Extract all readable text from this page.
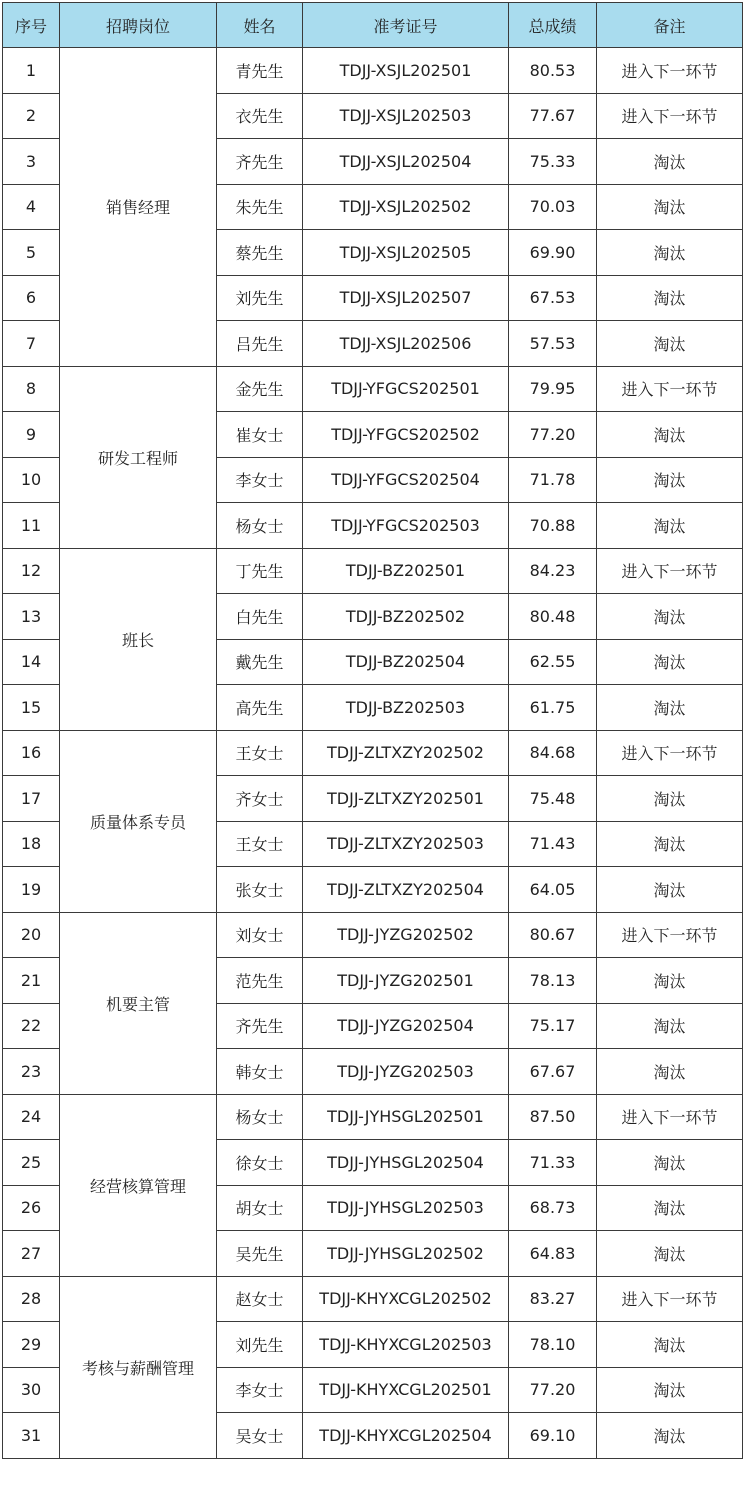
序号	招聘岗位	姓名	准考证号	总成绩	备注
1	销售经理	青先生	TDJJ-XSJL202501	80.53	进入下一环节
2		衣先生	TDJJ-XSJL202503	77.67	进入下一环节
3		齐先生	TDJJ-XSJL202504	75.33	淘汰
4		朱先生	TDJJ-XSJL202502	70.03	淘汰
5		蔡先生	TDJJ-XSJL202505	69.90	淘汰
6		刘先生	TDJJ-XSJL202507	67.53	淘汰
7		吕先生	TDJJ-XSJL202506	57.53	淘汰
8	研发工程师	金先生	TDJJ-YFGCS202501	79.95	进入下一环节
9		崔女士	TDJJ-YFGCS202502	77.20	淘汰
10		李女士	TDJJ-YFGCS202504	71.78	淘汰
11		杨女士	TDJJ-YFGCS202503	70.88	淘汰
12	班长	丁先生	TDJJ-BZ202501	84.23	进入下一环节
13		白先生	TDJJ-BZ202502	80.48	淘汰
14		戴先生	TDJJ-BZ202504	62.55	淘汰
15		高先生	TDJJ-BZ202503	61.75	淘汰
16	质量体系专员	王女士	TDJJ-ZLTXZY202502	84.68	进入下一环节
17		齐女士	TDJJ-ZLTXZY202501	75.48	淘汰
18		王女士	TDJJ-ZLTXZY202503	71.43	淘汰
19		张女士	TDJJ-ZLTXZY202504	64.05	淘汰
20	机要主管	刘女士	TDJJ-JYZG202502	80.67	进入下一环节
21		范先生	TDJJ-JYZG202501	78.13	淘汰
22		齐先生	TDJJ-JYZG202504	75.17	淘汰
23		韩女士	TDJJ-JYZG202503	67.67	淘汰
24	经营核算管理	杨女士	TDJJ-JYHSGL202501	87.50	进入下一环节
25		徐女士	TDJJ-JYHSGL202504	71.33	淘汰
26		胡女士	TDJJ-JYHSGL202503	68.73	淘汰
27		吴先生	TDJJ-JYHSGL202502	64.83	淘汰
28	考核与薪酬管理	赵女士	TDJJ-KHYXCGL202502	83.27	进入下一环节
29		刘先生	TDJJ-KHYXCGL202503	78.10	淘汰
30		李女士	TDJJ-KHYXCGL202501	77.20	淘汰
31		吴女士	TDJJ-KHYXCGL202504	69.10	淘汰
